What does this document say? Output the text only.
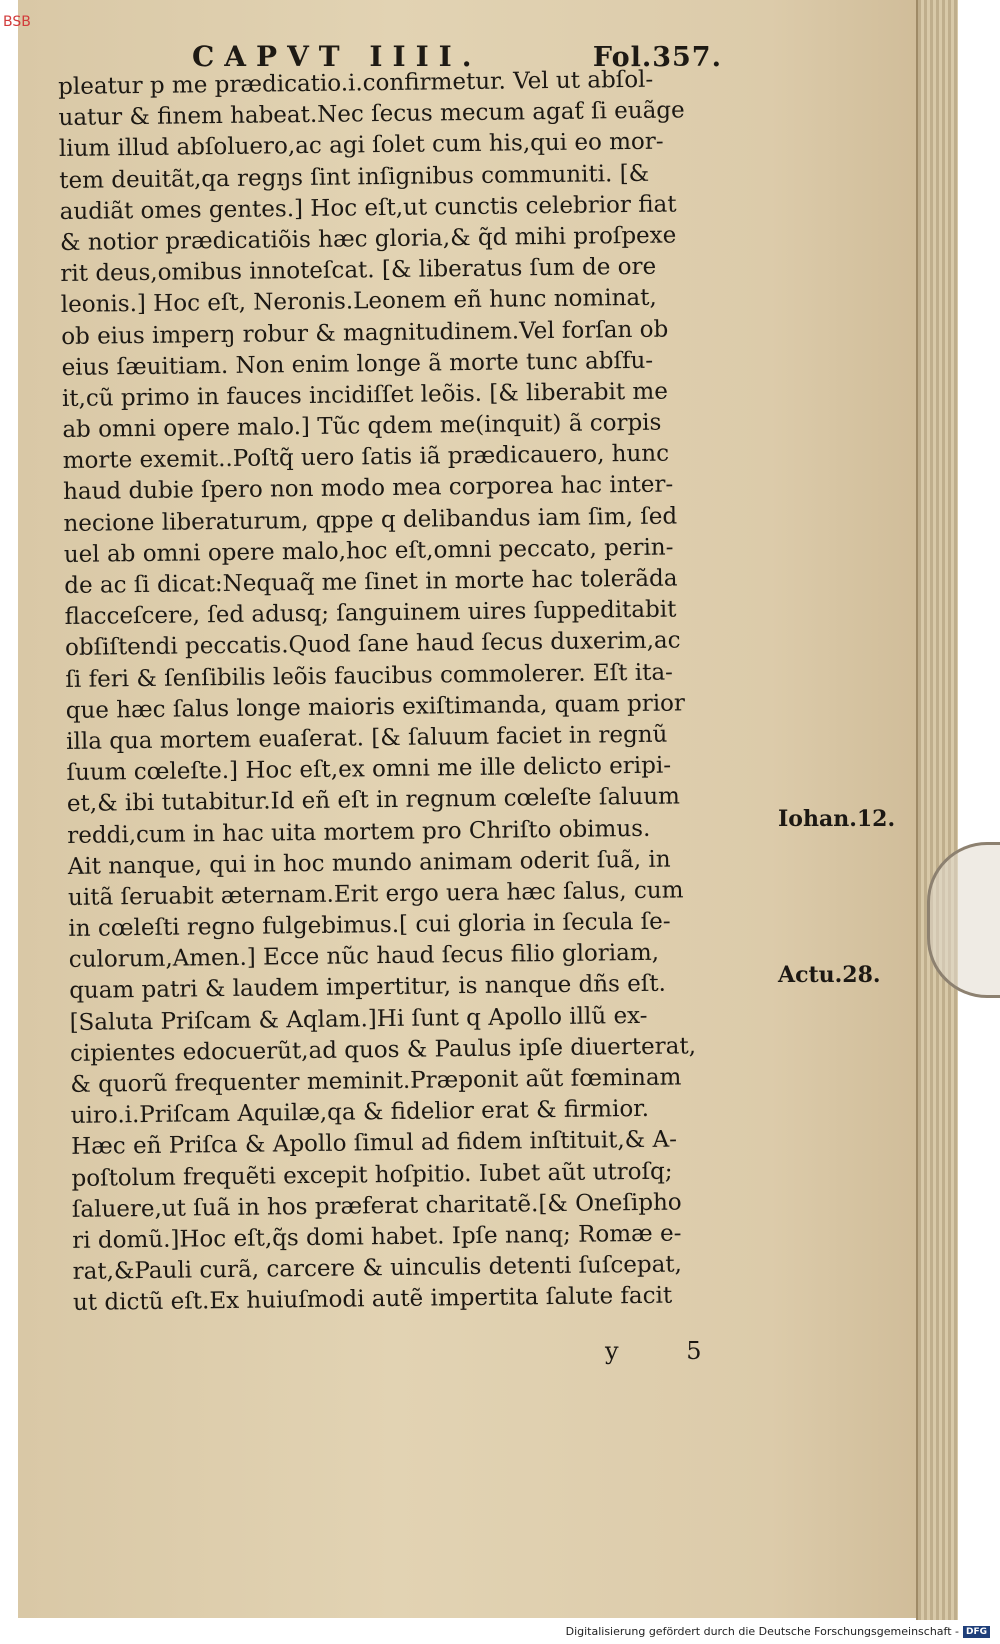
BSB
CAPVT IIII.	Fol.357.
pleatur p me prædicatio.i.confirmetur. Vel ut abſol-
uatur & finem habeat.Nec ſecus mecum agaƭ ſi euãge
lium illud abſoluero,ac agi ſolet cum his,qui eo mor-
tem deuitãt,qa regŋs ſint inſignibus communiti. [&
audiãt omes gentes.] Hoc eſt,ut cunctis celebrior fiat
& notior prædicatiõis hæc gloria,& q̃d mihi proſpexe
rit deus,omibus innoteſcat. [& liberatus ſum de ore
leonis.] Hoc eſt, Neronis.Leonem eñ hunc nominat,
ob eius imperŋ robur & magnitudinem.Vel forſan ob
eius ſæuitiam. Non enim longe ã morte tunc abſfu-
it,cũ primo in fauces incidiſſet leõis. [& liberabit me
ab omni opere malo.] Tũc qdem me(inquit) ã corpis
morte exemit..Poſtq̃ uero ſatis iã prædicauero, hunc
haud dubie ſpero non modo mea corporea hac inter-
necione liberaturum, qppe q delibandus iam ſim, ſed
uel ab omni opere malo,hoc eſt,omni peccato, perin-
de ac ſi dicat:Nequaq̃ me ſinet in morte hac tolerãda
flacceſcere, ſed adusq; ſanguinem uires ſuppeditabit
obſiſtendi peccatis.Quod ſane haud ſecus duxerim,ac
ſi feri & ſenſibilis leõis faucibus commolerer. Eſt ita-
que hæc ſalus longe maioris exiſtimanda, quam prior
illa qua mortem euaſerat. [& ſaluum faciet in regnũ
ſuum cœleſte.] Hoc eſt,ex omni me ille delicto eripi-
et,& ibi tutabitur.Id eñ eſt in regnum cœleſte ſaluum
reddi,cum in hac uita mortem pro Chriſto obimus.
Ait nanque, qui in hoc mundo animam oderit ſuã, in
uitã ſeruabit æternam.Erit ergo uera hæc ſalus, cum
in cœleſti regno fulgebimus.[ cui gloria in ſecula ſe-
culorum,Amen.] Ecce nũc haud ſecus filio gloriam,
quam patri & laudem impertitur, is nanque dñs eſt.
[Saluta Priſcam & Aqlam.]Hi ſunt q Apollo illũ ex-
cipientes edocuerũt,ad quos & Paulus ipſe diuerterat,
& quorũ frequenter meminit.Præponit aũt fœminam
uiro.i.Priſcam Aquilæ,qa & fidelior erat & firmior.
Hæc eñ Priſca & Apollo ſimul ad fidem inſtituit,& A-
poſtolum frequẽti excepit hoſpitio. Iubet aũt utroſq;
ſaluere,ut ſuã in hos præferat charitatẽ.[& Oneſipho
ri domũ.]Hoc eſt,q̃s domi habet. Ipſe nanq; Romæ e-
rat,&Pauli curã, carcere & uinculis detenti ſuſcepat,
ut dictũ eſt.Ex huiuſmodi autẽ impertita ſalute facit
Iohan.12.
Actu.28.
y 5
Digitalisierung gefördert durch die Deutsche Forschungsgemeinschaft - DFG
